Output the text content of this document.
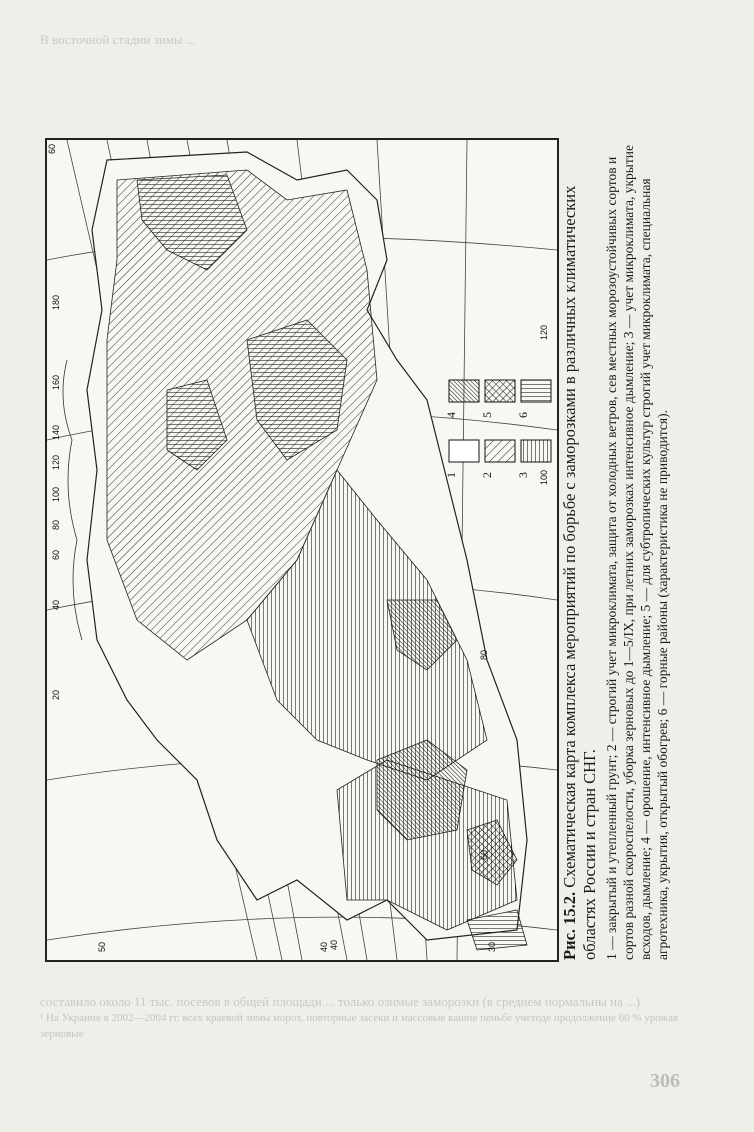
В восточной стадии зимы ...
1 2 3
4 5 6
60
180
160
140
120
100
80
60
40
20
30
40
50
60
120
100
80
40	Рис. 15.2. Схематическая карта комплекса мероприятий по борьбе с заморозками в различных климатических областях России и стран СНГ. 1 — закрытый и утепленный грунт; 2 — строгий учет микроклимата, защита от холодных ветров, сев местных морозоустойчивых сортов и сортов разной скороспелости, уборка зерновых до 1—5/IX, при летних заморозках интенсивное дымление; 3 — учет микроклимата, укрытие всходов, дымление; 4 — орошение, интенсивное дымление; 5 — для субтропических культур строгий учет микроклимата, специальная агротехника, укрытия, открытый обогрев; 6 — горные районы (характеристика не приводится).
составило около 11 тыс. посевов в общей площади ... только озимые заморозки (в среднем нормальны на ...)
¹ На Украине в 2002—2004 гг. всех краевой зимы мороз, повторные засеки и массовые кашне пеньбе учетоде продолжение 60 % урожая зерновые
306
